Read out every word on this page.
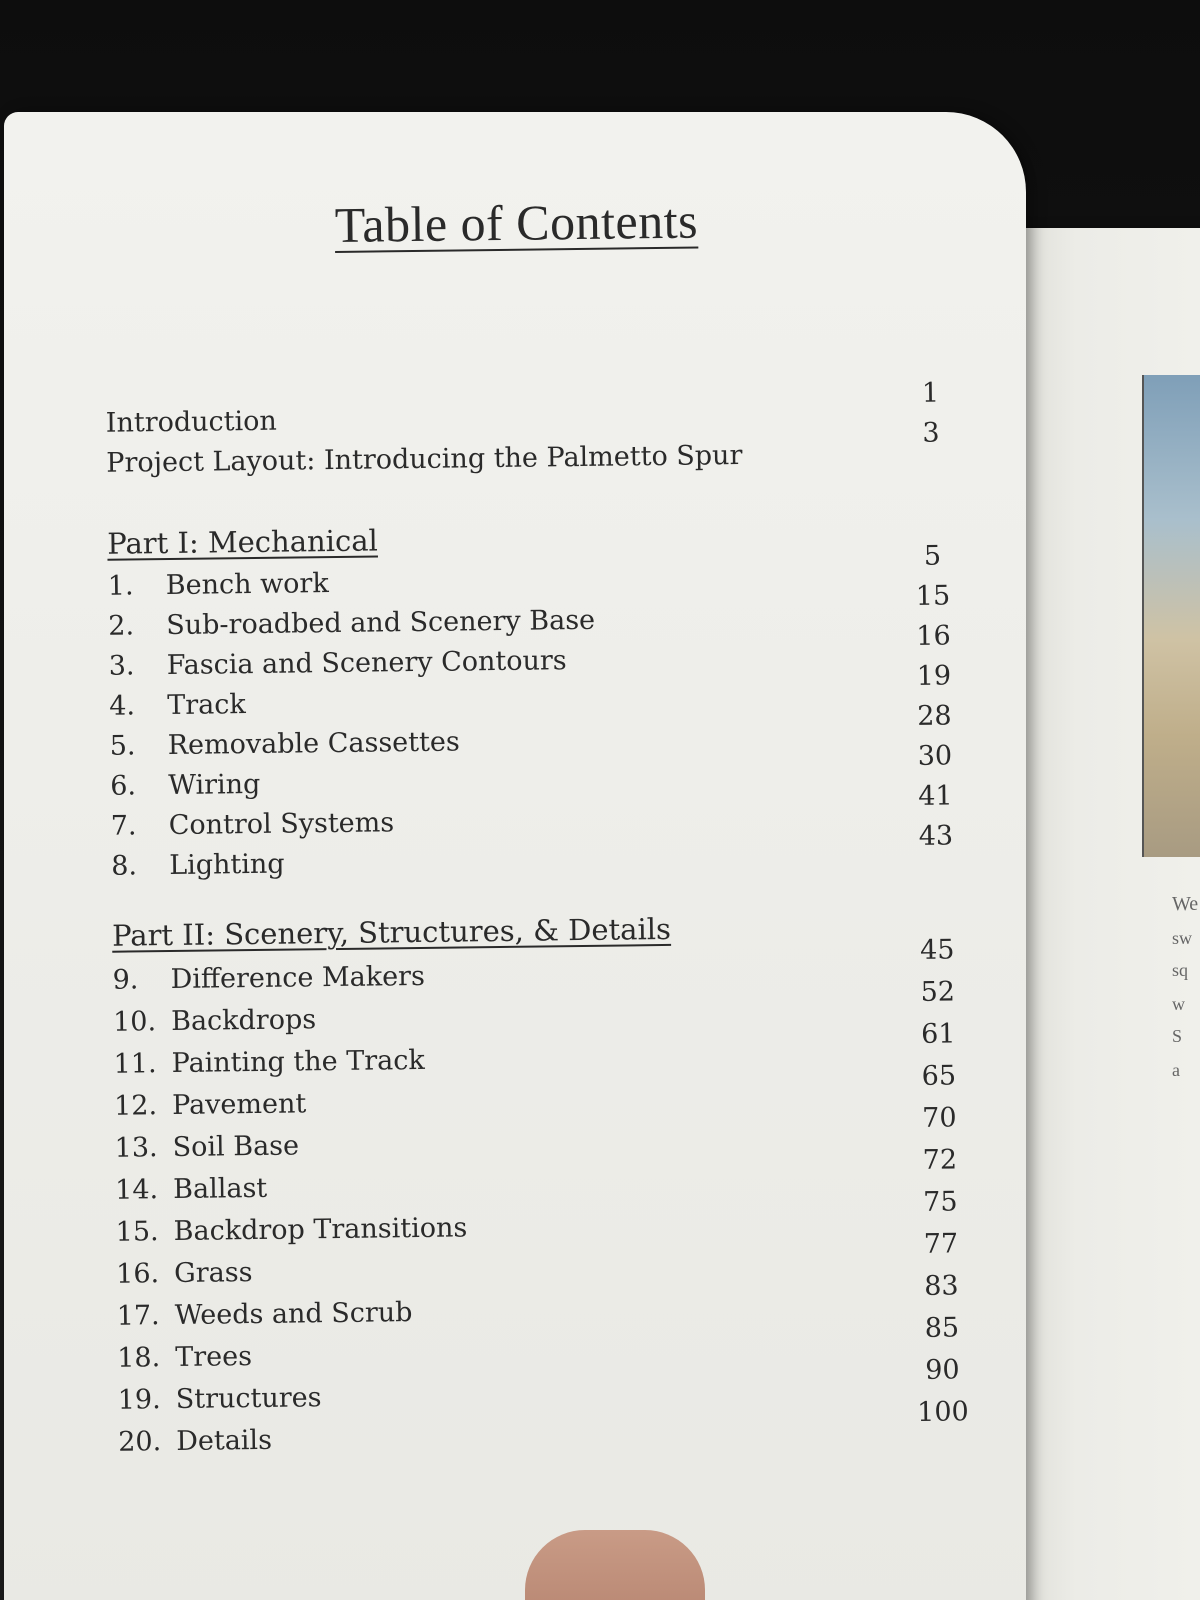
We
sw
sq
w
S
a
Table of Contents
Introduction
1
Project Layout: Introducing the Palmetto Spur
3
Part I: Mechanical
1. Bench work
5
2. Sub-roadbed and Scenery Base
15
3. Fascia and Scenery Contours
16
4. Track
19
5. Removable Cassettes
28
6. Wiring
30
7. Control Systems
41
8. Lighting
43
Part II: Scenery, Structures, & Details
9. Difference Makers
45
10. Backdrops
52
11. Painting the Track
61
12. Pavement
65
13. Soil Base
70
14. Ballast
72
15. Backdrop Transitions
75
16. Grass
77
17. Weeds and Scrub
83
18. Trees
85
19. Structures
90
20. Details
100
